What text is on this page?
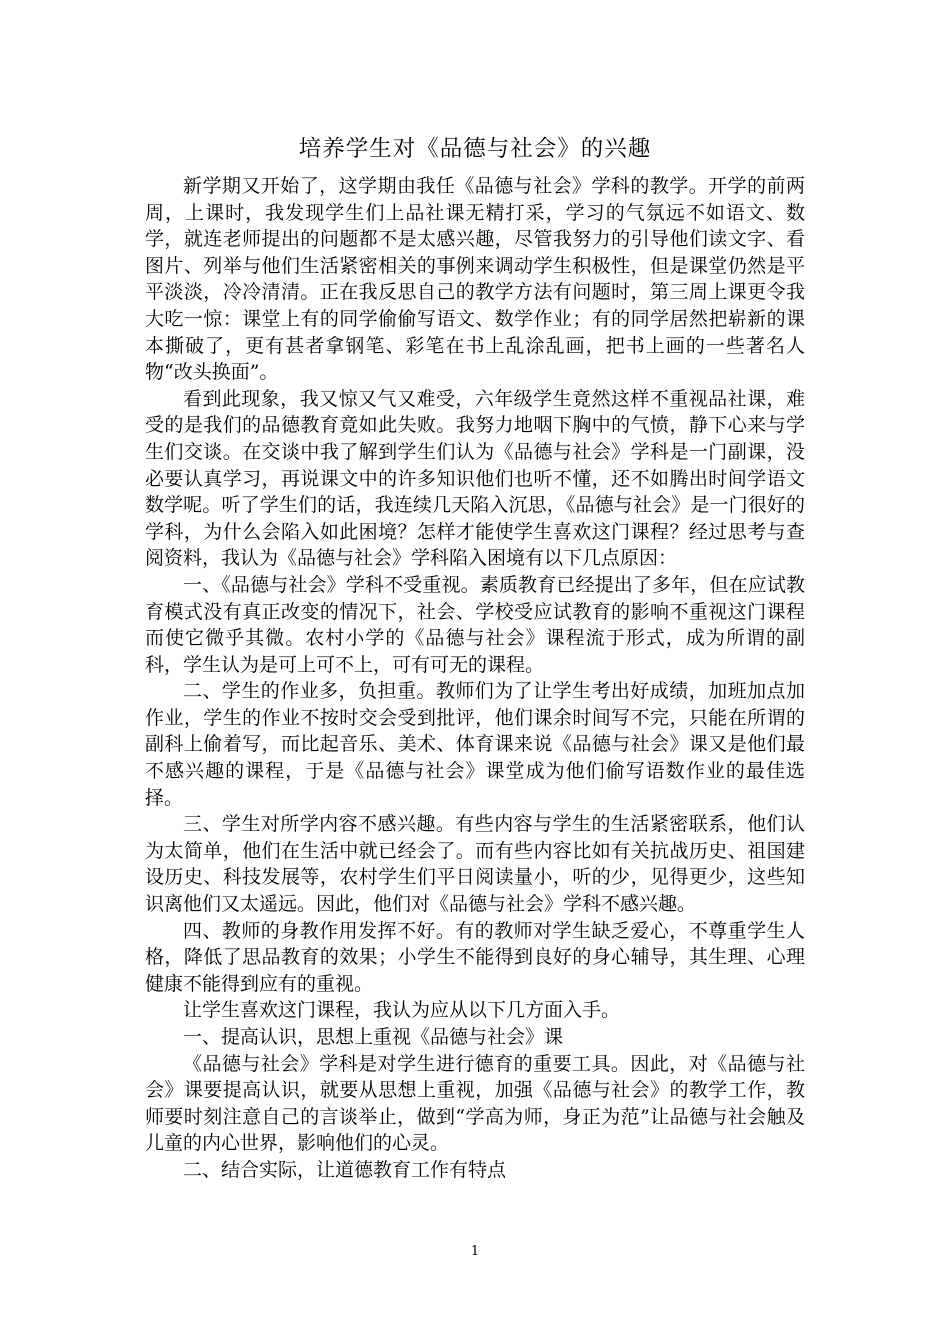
培养学生对《品德与社会》的兴趣

新学期又开始了，这学期由我任《品德与社会》学科的教学。开学的前两周，上课时，我发现学生们上品社课无精打采，学习的气氛远不如语文、数学，就连老师提出的问题都不是太感兴趣，尽管我努力的引导他们读文字、看图片、列举与他们生活紧密相关的事例来调动学生积极性，但是课堂仍然是平平淡淡，冷冷清清。正在我反思自己的教学方法有问题时，第三周上课更令我大吃一惊：课堂上有的同学偷偷写语文、数学作业；有的同学居然把崭新的课本撕破了，更有甚者拿钢笔、彩笔在书上乱涂乱画，把书上画的一些著名人物“改头换面”。

看到此现象，我又惊又气又难受，六年级学生竟然这样不重视品社课，难受的是我们的品德教育竟如此失败。我努力地咽下胸中的气愤，静下心来与学生们交谈。在交谈中我了解到学生们认为《品德与社会》学科是一门副课，没必要认真学习，再说课文中的许多知识他们也听不懂，还不如腾出时间学语文数学呢。听了学生们的话，我连续几天陷入沉思，《品德与社会》是一门很好的学科，为什么会陷入如此困境？怎样才能使学生喜欢这门课程？经过思考与查阅资料，我认为《品德与社会》学科陷入困境有以下几点原因：

一、《品德与社会》学科不受重视。素质教育已经提出了多年，但在应试教育模式没有真正改变的情况下，社会、学校受应试教育的影响不重视这门课程而使它微乎其微。农村小学的《品德与社会》课程流于形式，成为所谓的副科，学生认为是可上可不上，可有可无的课程。

二、学生的作业多，负担重。教师们为了让学生考出好成绩，加班加点加作业，学生的作业不按时交会受到批评，他们课余时间写不完，只能在所谓的副科上偷着写，而比起音乐、美术、体育课来说《品德与社会》课又是他们最不感兴趣的课程，于是《品德与社会》课堂成为他们偷写语数作业的最佳选择。

三、学生对所学内容不感兴趣。有些内容与学生的生活紧密联系，他们认为太简单，他们在生活中就已经会了。而有些内容比如有关抗战历史、祖国建设历史、科技发展等，农村学生们平日阅读量小，听的少，见得更少，这些知识离他们又太遥远。因此，他们对《品德与社会》学科不感兴趣。

四、教师的身教作用发挥不好。有的教师对学生缺乏爱心，不尊重学生人格，降低了思品教育的效果；小学生不能得到良好的身心辅导，其生理、心理健康不能得到应有的重视。

让学生喜欢这门课程，我认为应从以下几方面入手。

一、提高认识，思想上重视《品德与社会》课

《品德与社会》学科是对学生进行德育的重要工具。因此，对《品德与社会》课要提高认识，就要从思想上重视，加强《品德与社会》的教学工作，教师要时刻注意自己的言谈举止，做到“学高为师，身正为范”让品德与社会触及儿童的内心世界，影响他们的心灵。

二、结合实际，让道德教育工作有特点

1
